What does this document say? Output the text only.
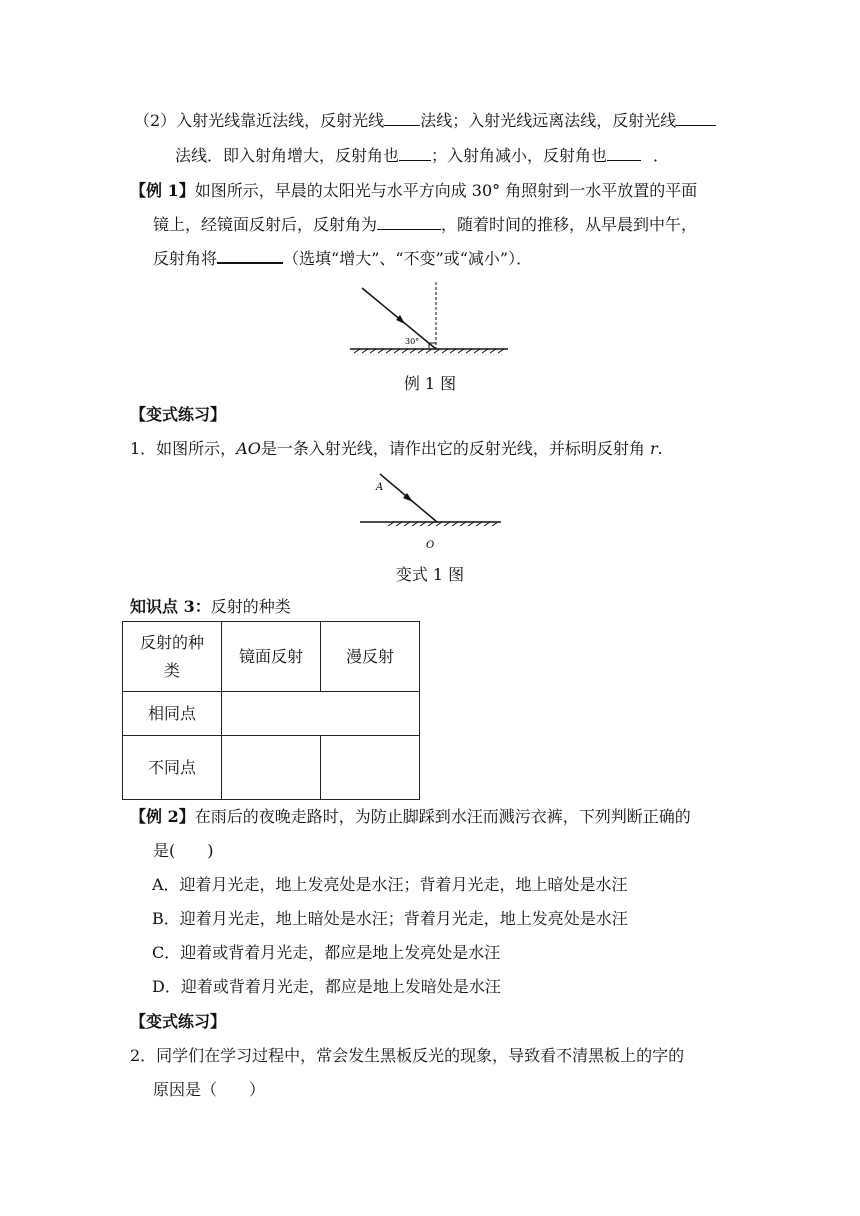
（2）入射光线靠近法线，反射光线 法线；入射光线远离法线，反射光线
法线．即入射角增大，反射角也 ；入射角减小，反射角也	．
【例 1】如图所示，早晨的太阳光与水平方向成 30° 角照射到一水平放置的平面
镜上，经镜面反射后，反射角为	，随着时间的推移，从早晨到中午，
反射角将	（选填“增大”、“不变”或“减小”）．
30°
例 1 图
【变式练习】
1．如图所示，AO是一条入射光线，请作出它的反射光线，并标明反射角 r.
A
O
变式 1 图
知识点 3：反射的种类
反射的种
类	镜面反射	漫反射
相同点		
不同点		
【例 2】在雨后的夜晚走路时，为防止脚踩到水汪而溅污衣裤，下列判断正确的
是(　　)
A．迎着月光走，地上发亮处是水汪；背着月光走，地上暗处是水汪
B．迎着月光走，地上暗处是水汪；背着月光走，地上发亮处是水汪
C．迎着或背着月光走，都应是地上发亮处是水汪
D．迎着或背着月光走，都应是地上发暗处是水汪
【变式练习】
2．同学们在学习过程中，常会发生黑板反光的现象，导致看不清黑板上的字的
原因是（　　）
